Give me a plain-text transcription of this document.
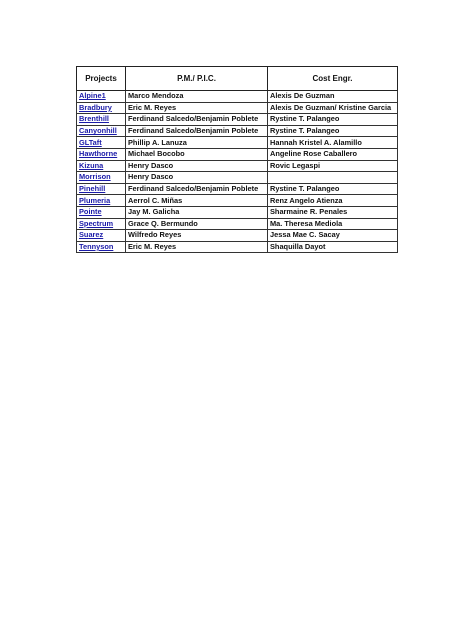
Projects	P.M./ P.I.C.	Cost Engr.
Alpine1	Marco Mendoza	Alexis De Guzman
Bradbury	Eric M. Reyes	Alexis De Guzman/ Kristine Garcia
Brenthill	Ferdinand Salcedo/Benjamin Poblete	Rystine T. Palangeo
Canyonhill	Ferdinand Salcedo/Benjamin Poblete	Rystine T. Palangeo
GLTaft	Phillip A. Lanuza	Hannah Kristel A. Alamillo
Hawthorne	Michael Bocobo	Angeline Rose Caballero
Kizuna	Henry Dasco	Rovic Legaspi
Morrison	Henry Dasco	
Pinehill	Ferdinand Salcedo/Benjamin Poblete	Rystine T. Palangeo
Plumeria	Aerrol C. Miñas	Renz Angelo Atienza
Pointe	Jay M. Galicha	Sharmaine R. Penales
Spectrum	Grace Q. Bermundo	Ma. Theresa Mediola
Suarez	Wilfredo Reyes	Jessa Mae C. Sacay
Tennyson	Eric M. Reyes	Shaquilla Dayot
